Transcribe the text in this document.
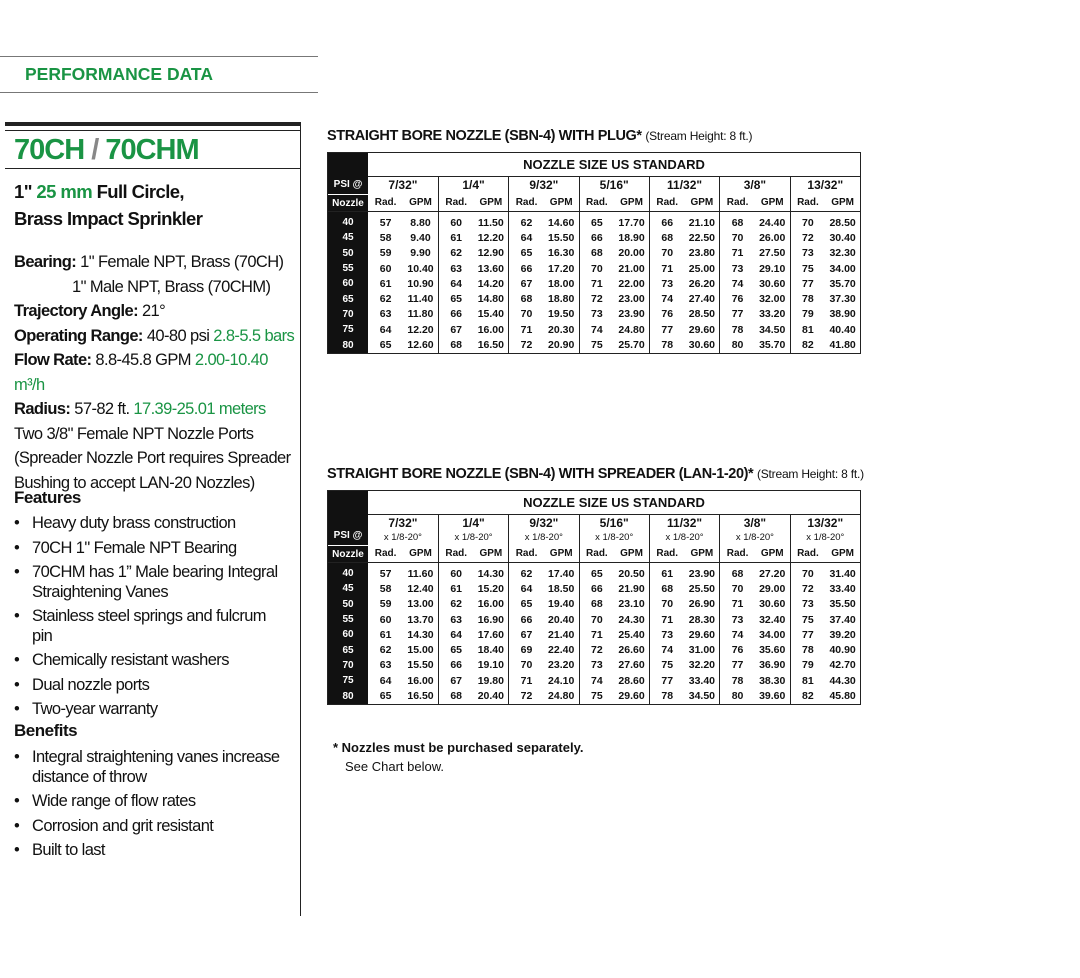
PERFORMANCE DATA
70CH / 70CHM
1" 25 mm Full Circle,
Brass Impact Sprinkler
Bearing: 1" Female NPT, Brass (70CH)
1" Male NPT, Brass (70CHM)
Trajectory Angle: 21°
Operating Range: 40-80 psi 2.8-5.5 bars
Flow Rate: 8.8-45.8 GPM 2.00-10.40 m³/h
Radius: 57-82 ft. 17.39-25.01 meters
Two 3/8" Female NPT Nozzle Ports
(Spreader Nozzle Port requires Spreader
Bushing to accept LAN-20 Nozzles)
Features
• Heavy duty brass construction
• 70CH 1" Female NPT Bearing
• 70CHM has 1” Male bearing Integral Straightening Vanes
• Stainless steel springs and fulcrum pin
• Chemically resistant washers
• Dual nozzle ports
• Two-year warranty
Benefits
• Integral straightening vanes increase distance of throw
• Wide range of flow rates
• Corrosion and grit resistant
• Built to last
STRAIGHT BORE NOZZLE (SBN-4) WITH PLUG* (Stream Height: 8 ft.)
PSI @
Nozzle	NOZZLE SIZE US STANDARD													
	7/32"		1/4"		9/32"		5/16"		11/32"		3/8"		13/32"	
	Rad.	GPM	Rad.	GPM	Rad.	GPM	Rad.	GPM	Rad.	GPM	Rad.	GPM	Rad.	GPM
40	57	8.80	60	11.50	62	14.60	65	17.70	66	21.10	68	24.40	70	28.50
45	58	9.40	61	12.20	64	15.50	66	18.90	68	22.50	70	26.00	72	30.40
50	59	9.90	62	12.90	65	16.30	68	20.00	70	23.80	71	27.50	73	32.30
55	60	10.40	63	13.60	66	17.20	70	21.00	71	25.00	73	29.10	75	34.00
60	61	10.90	64	14.20	67	18.00	71	22.00	73	26.20	74	30.60	77	35.70
65	62	11.40	65	14.80	68	18.80	72	23.00	74	27.40	76	32.00	78	37.30
70	63	11.80	66	15.40	70	19.50	73	23.90	76	28.50	77	33.20	79	38.90
75	64	12.20	67	16.00	71	20.30	74	24.80	77	29.60	78	34.50	81	40.40
80	65	12.60	68	16.50	72	20.90	75	25.70	78	30.60	80	35.70	82	41.80
STRAIGHT BORE NOZZLE (SBN-4) WITH SPREADER (LAN-1-20)* (Stream Height: 8 ft.)
PSI @
Nozzle	NOZZLE SIZE US STANDARD													
	7/32"		1/4"		9/32"		5/16"		11/32"		3/8"		13/32"	
	x 1/8-20°		x 1/8-20°		x 1/8-20°		x 1/8-20°		x 1/8-20°		x 1/8-20°		x 1/8-20°	
	Rad.	GPM	Rad.	GPM	Rad.	GPM	Rad.	GPM	Rad.	GPM	Rad.	GPM	Rad.	GPM
40	57	11.60	60	14.30	62	17.40	65	20.50	61	23.90	68	27.20	70	31.40
45	58	12.40	61	15.20	64	18.50	66	21.90	68	25.50	70	29.00	72	33.40
50	59	13.00	62	16.00	65	19.40	68	23.10	70	26.90	71	30.60	73	35.50
55	60	13.70	63	16.90	66	20.40	70	24.30	71	28.30	73	32.40	75	37.40
60	61	14.30	64	17.60	67	21.40	71	25.40	73	29.60	74	34.00	77	39.20
65	62	15.00	65	18.40	69	22.40	72	26.60	74	31.00	76	35.60	78	40.90
70	63	15.50	66	19.10	70	23.20	73	27.60	75	32.20	77	36.90	79	42.70
75	64	16.00	67	19.80	71	24.10	74	28.60	77	33.40	78	38.30	81	44.30
80	65	16.50	68	20.40	72	24.80	75	29.60	78	34.50	80	39.60	82	45.80
* Nozzles must be purchased separately.
See Chart below.
